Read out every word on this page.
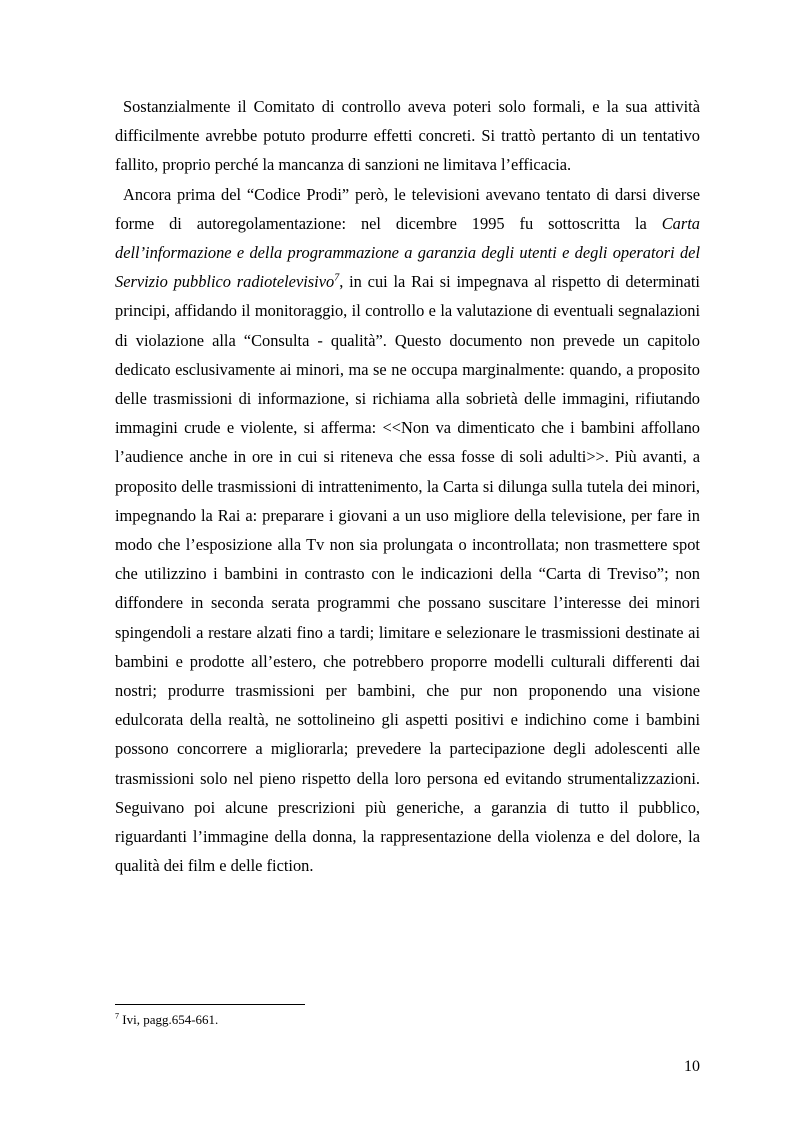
Sostanzialmente il Comitato di controllo aveva poteri solo formali, e la sua attività difficilmente avrebbe potuto produrre effetti concreti. Si trattò pertanto di un tentativo fallito, proprio perché la mancanza di sanzioni ne limitava l’efficacia.

Ancora prima del “Codice Prodi” però, le televisioni avevano tentato di darsi diverse forme di autoregolamentazione: nel dicembre 1995 fu sottoscritta la Carta dell’informazione e della programmazione a garanzia degli utenti e degli operatori del Servizio pubblico radiotelevisivo$^7$, in cui la Rai si impegnava al rispetto di determinati principi, affidando il monitoraggio, il controllo e la valutazione di eventuali segnalazioni di violazione alla “Consulta - qualità”. Questo documento non prevede un capitolo dedicato esclusivamente ai minori, ma se ne occupa marginalmente: quando, a proposito delle trasmissioni di informazione, si richiama alla sobrietà delle immagini, rifiutando immagini crude e violente, si afferma: <<Non va dimenticato che i bambini affollano l’audience anche in ore in cui si riteneva che essa fosse di soli adulti>>. Più avanti, a proposito delle trasmissioni di intrattenimento, la Carta si dilunga sulla tutela dei minori, impegnando la Rai a: preparare i giovani a un uso migliore della televisione, per fare in modo che l’esposizione alla Tv non sia prolungata o incontrollata; non trasmettere spot che utilizzino i bambini in contrasto con le indicazioni della “Carta di Treviso”; non diffondere in seconda serata programmi che possano suscitare l’interesse dei minori spingendoli a restare alzati fino a tardi; limitare e selezionare le trasmissioni destinate ai bambini e prodotte all’estero, che potrebbero proporre modelli culturali differenti dai nostri; produrre trasmissioni per bambini, che pur non proponendo una visione edulcorata della realtà, ne sottolineino gli aspetti positivi e indichino come i bambini possono concorrere a migliorarla; prevedere la partecipazione degli adolescenti alle trasmissioni solo nel pieno rispetto della loro persona ed evitando strumentalizzazioni. Seguivano poi alcune prescrizioni più generiche, a garanzia di tutto il pubblico, riguardanti l’immagine della donna, la rappresentazione della violenza e del dolore, la qualità dei film e delle fiction.

$^7$ Ivi, pagg.654-661.
10
